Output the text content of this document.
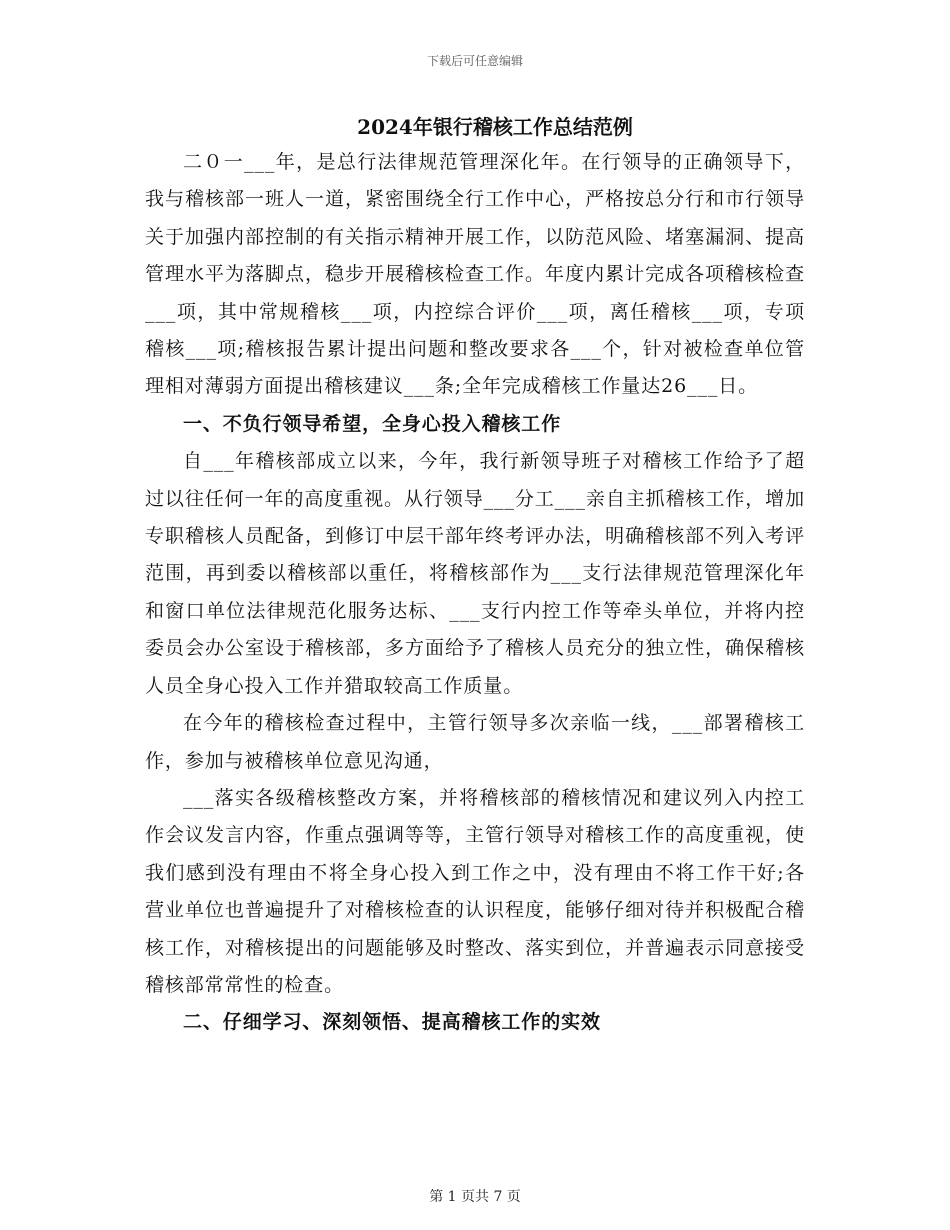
下载后可任意编辑
2024年银行稽核工作总结范例

二０一___年，是总行法律规范管理深化年。在行领导的正确领导下，我与稽核部一班人一道，紧密围绕全行工作中心，严格按总分行和市行领导关于加强内部控制的有关指示精神开展工作，以防范风险、堵塞漏洞、提高管理水平为落脚点，稳步开展稽核检查工作。年度内累计完成各项稽核检查___项，其中常规稽核___项，内控综合评价___项，离任稽核___项，专项稽核___项;稽核报告累计提出问题和整改要求各___个，针对被检查单位管理相对薄弱方面提出稽核建议___条;全年完成稽核工作量达26___日。

一、不负行领导希望，全身心投入稽核工作

自___年稽核部成立以来，今年，我行新领导班子对稽核工作给予了超过以往任何一年的高度重视。从行领导___分工___亲自主抓稽核工作，增加专职稽核人员配备，到修订中层干部年终考评办法，明确稽核部不列入考评范围，再到委以稽核部以重任，将稽核部作为___支行法律规范管理深化年和窗口单位法律规范化服务达标、___支行内控工作等牵头单位，并将内控委员会办公室设于稽核部，多方面给予了稽核人员充分的独立性，确保稽核人员全身心投入工作并猎取较高工作质量。

在今年的稽核检查过程中，主管行领导多次亲临一线，___部署稽核工作，参加与被稽核单位意见沟通，

___落实各级稽核整改方案，并将稽核部的稽核情况和建议列入内控工作会议发言内容，作重点强调等等，主管行领导对稽核工作的高度重视，使我们感到没有理由不将全身心投入到工作之中，没有理由不将工作干好;各营业单位也普遍提升了对稽核检查的认识程度，能够仔细对待并积极配合稽核工作，对稽核提出的问题能够及时整改、落实到位，并普遍表示同意接受稽核部常常性的检查。

二、仔细学习、深刻领悟、提高稽核工作的实效

第 1 页共 7 页
